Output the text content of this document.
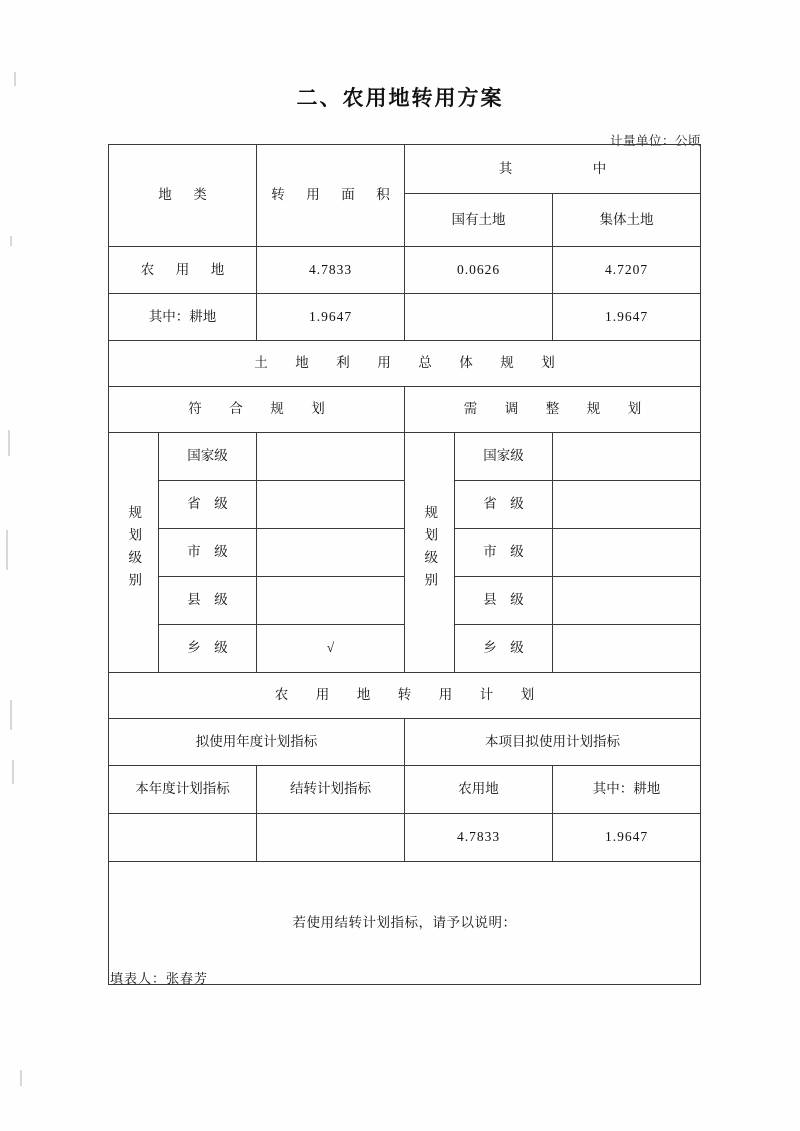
二、农用地转用方案
计量单位：公顷
地　类		转　用　面　积	其　　　中		
			国有土地		集体土地
农　用　地		4.7833	0.0626		4.7207
其中：耕地		1.9647			1.9647
土　地　利　用　总　体　规　划					
符　合　规　划			需　调　整　规　划		
规划级别	国家级		规划级别	国家级	
	省　级			省　级	
	市　级			市　级	
	县　级			县　级	
	乡　级	√		乡　级	
农　用　地　转　用　计　划					
拟使用年度计划指标			本项目拟使用计划指标		
本年度计划指标		结转计划指标	农用地		其中：耕地
			4.7833		1.9647
若使用结转计划指标，请予以说明：					
填表人：张春芳
